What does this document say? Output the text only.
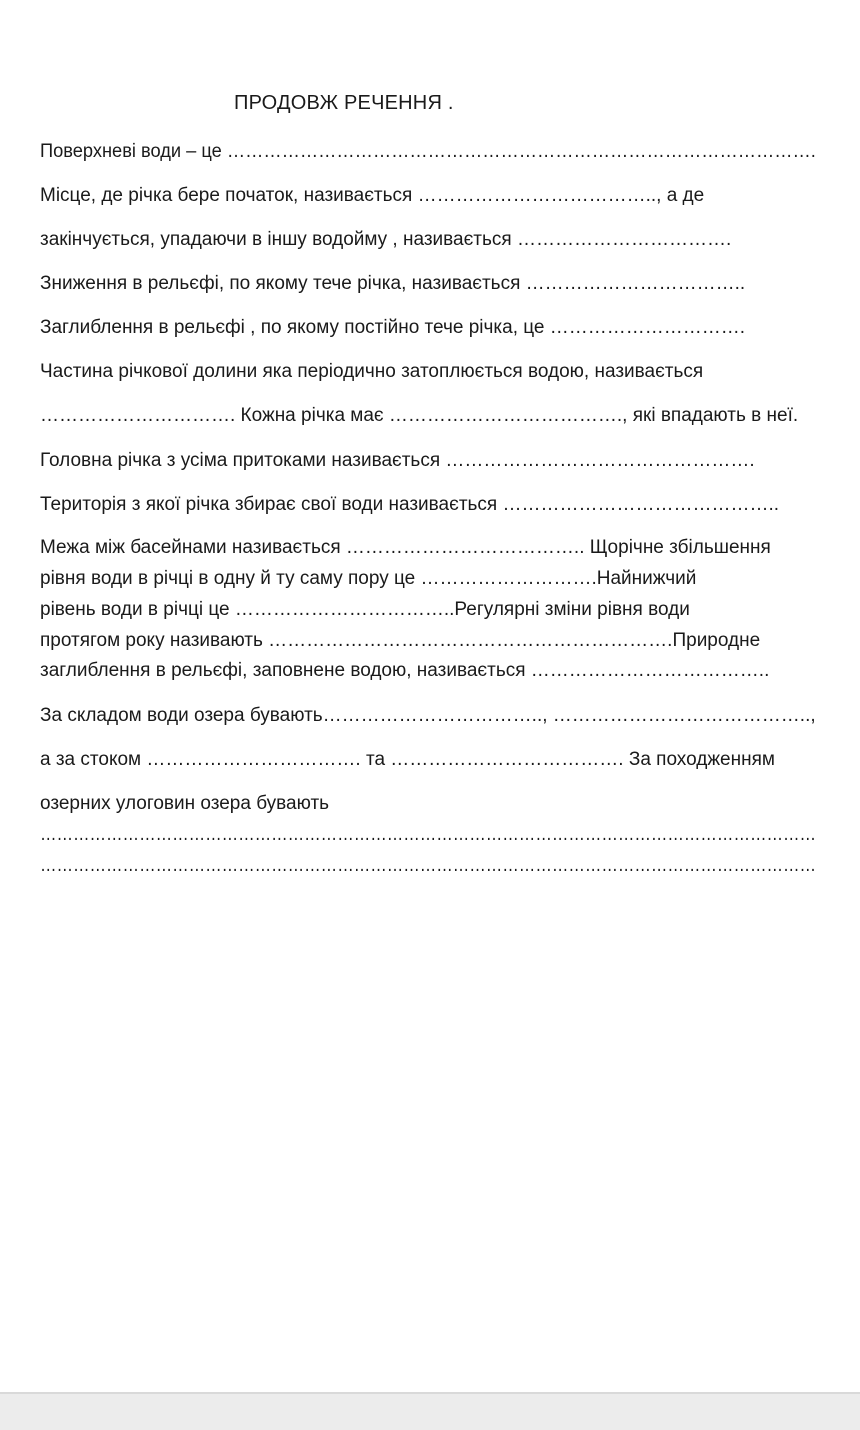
ПРОДОВЖ РЕЧЕННЯ .
Поверхневі води – це …………………………………………………………………………………….
Місце, де річка бере початок, називається ……………………………….., а де
закінчується, упадаючи в іншу водойму , називається …………………………….
Зниження в рельєфі, по якому тече річка, називається ……………………………..
Заглиблення в рельєфі , по якому постійно тече річка, це ………………………….
Частина річкової долини яка періодично затоплюється водою, називається
…………………………. Кожна річка має ………………………………., які впадають в неї.
Головна річка з усіма притоками називається ………………………………………….
Територія з якої річка збирає свої води називається ……………………………………..
Межа між басейнами називається ……………………………….. Щорічне збільшення
рівня води в річці в одну й ту саму пору це ……………………….Найнижчий
рівень води в річці це ……………………………..Регулярні зміни рівня води
протягом року називають ……………………………………………………….Природне
заглиблення в рельєфі, заповнене водою, називається ………………………………..
За складом води озера бувають…………………………….., …………………………………..,
а за стоком ……………………………. та ………………………………. За походженням
озерних улоговин озера бувають
……………………………………………………………………………………………………………………………
……………………………………………………………………………………………………………………………
